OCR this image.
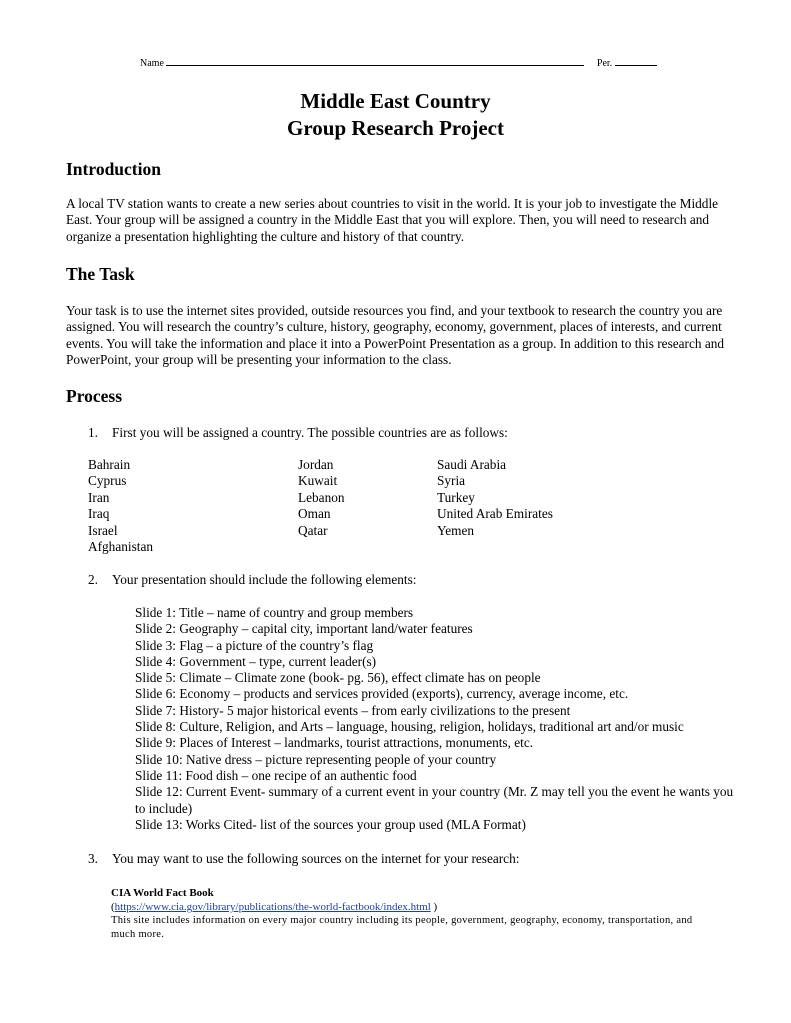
Name	Per.
Middle East Country
Group Research Project
Introduction

A local TV station wants to create a new series about countries to visit in the world. It is your job to investigate the Middle East. Your group will be assigned a country in the Middle East that you will explore. Then, you will need to research and organize a presentation highlighting the culture and history of that country.

The Task

Your task is to use the internet sites provided, outside resources you find, and your textbook to research the country you are assigned. You will research the country’s culture, history, geography, economy, government, places of interests, and current events. You will take the information and place it into a PowerPoint Presentation as a group. In addition to this research and PowerPoint, your group will be presenting your information to the class.

Process
1. First you will be assigned a country. The possible countries are as follows:
Bahrain
Cyprus
Iran
Iraq
Israel
Afghanistan
Jordan
Kuwait
Lebanon
Oman
Qatar
Saudi Arabia
Syria
Turkey
United Arab Emirates
Yemen
2. Your presentation should include the following elements:
Slide 1: Title – name of country and group members
Slide 2: Geography – capital city, important land/water features
Slide 3: Flag – a picture of the country’s flag
Slide 4: Government – type, current leader(s)
Slide 5: Climate – Climate zone (book- pg. 56), effect climate has on people
Slide 6: Economy – products and services provided (exports), currency, average income, etc.
Slide 7: History- 5 major historical events – from early civilizations to the present
Slide 8: Culture, Religion, and Arts – language, housing, religion, holidays, traditional art and/or music
Slide 9: Places of Interest – landmarks, tourist attractions, monuments, etc.
Slide 10: Native dress – picture representing people of your country
Slide 11: Food dish – one recipe of an authentic food
Slide 12: Current Event- summary of a current event in your country (Mr. Z may tell you the event he wants you to include)
Slide 13: Works Cited- list of the sources your group used (MLA Format)
3. You may want to use the following sources on the internet for your research:
CIA World Fact Book
(https://www.cia.gov/library/publications/the-world-factbook/index.html )
This site includes information on every major country including its people, government, geography, economy, transportation, and much more.
